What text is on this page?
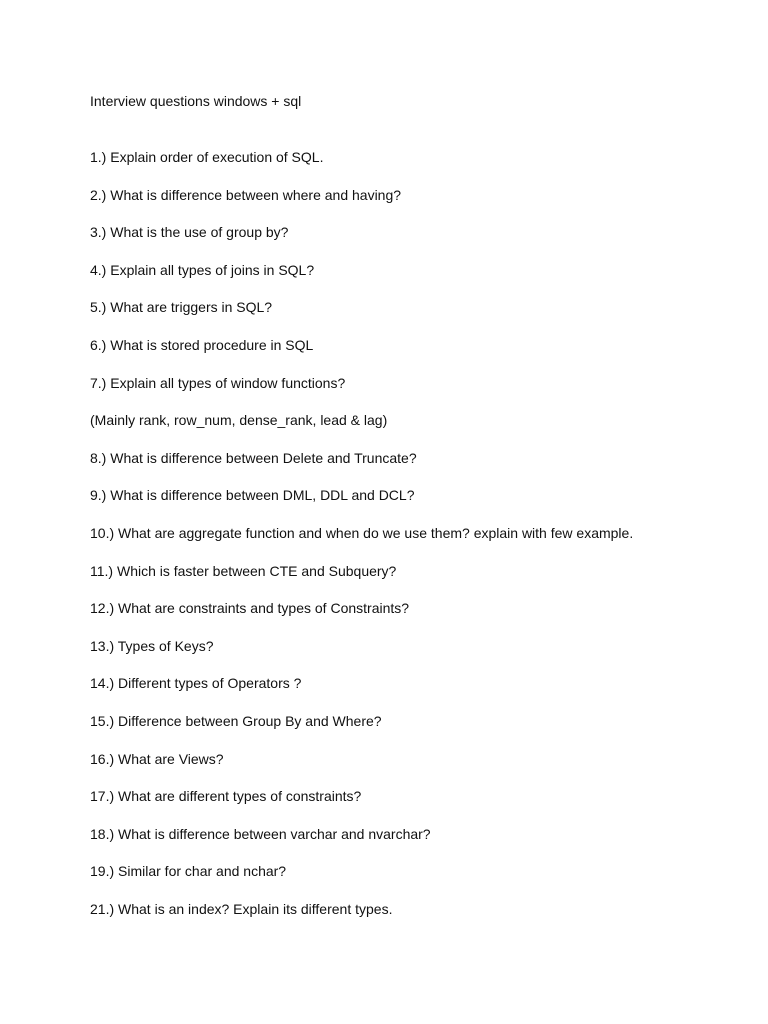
Interview questions windows + sql
1.) Explain order of execution of SQL.
2.) What is difference between where and having?
3.) What is the use of group by?
4.) Explain all types of joins in SQL?
5.) What are triggers in SQL?
6.) What is stored procedure in SQL
7.) Explain all types of window functions?
(Mainly rank, row_num, dense_rank, lead & lag)
8.) What is difference between Delete and Truncate?
9.) What is difference between DML, DDL and DCL?
10.) What are aggregate function and when do we use them? explain with few example.
11.) Which is faster between CTE and Subquery?
12.) What are constraints and types of Constraints?
13.) Types of Keys?
14.) Different types of Operators ?
15.) Difference between Group By and Where?
16.) What are Views?
17.) What are different types of constraints?
18.) What is difference between varchar and nvarchar?
19.) Similar for char and nchar?
21.) What is an index? Explain its different types.
